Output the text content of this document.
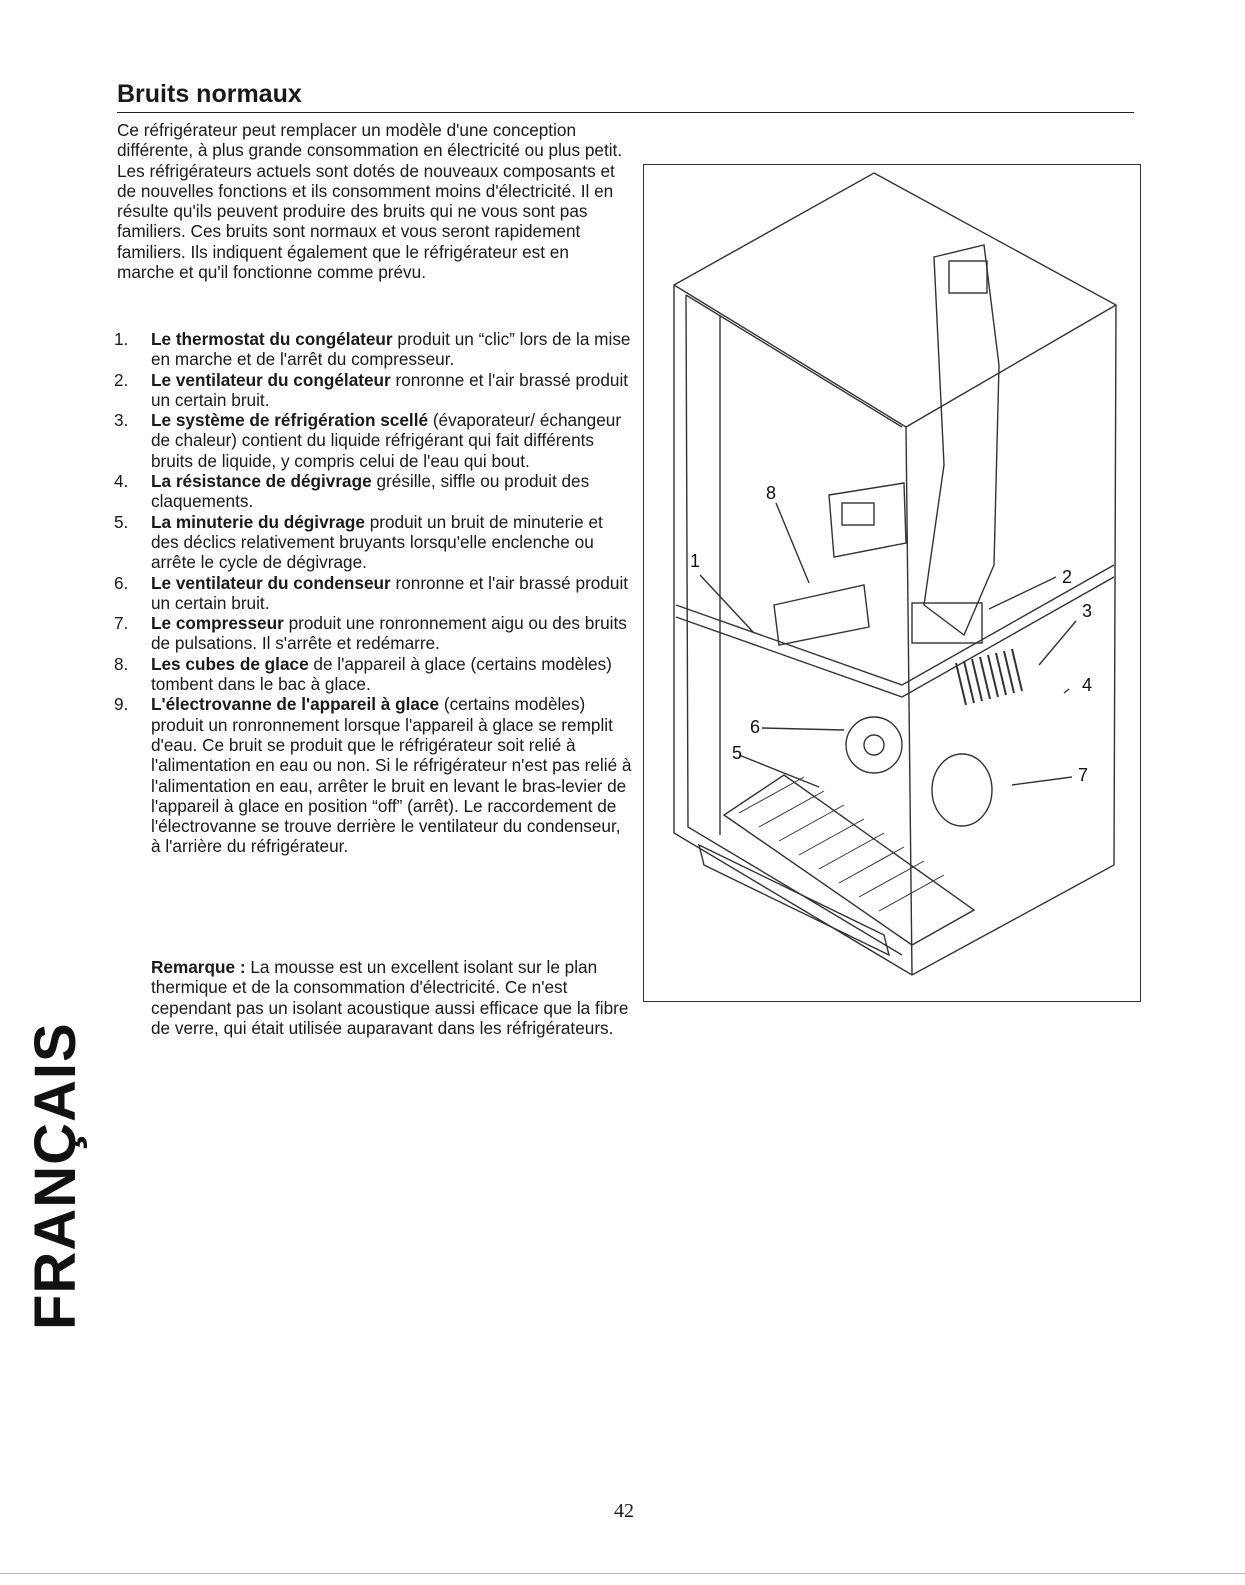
Bruits normaux

Ce réfrigérateur peut remplacer un modèle d'une conception différente, à plus grande consommation en électricité ou plus petit. Les réfrigérateurs actuels sont dotés de nouveaux composants et de nouvelles fonctions et ils consomment moins d'électricité. Il en résulte qu'ils peuvent produire des bruits qui ne vous sont pas familiers. Ces bruits sont normaux et vous seront rapidement familiers. Ils indiquent également que le réfrigérateur est en marche et qu'il fonctionne comme prévu.

1. Le thermostat du congélateur produit un “clic” lors de la mise en marche et de l'arrêt du compresseur.
2. Le ventilateur du congélateur ronronne et l'air brassé produit un certain bruit.
3. Le système de réfrigération scellé (évaporateur/ échangeur de chaleur) contient du liquide réfrigérant qui fait différents bruits de liquide, y compris celui de l'eau qui bout.
4. La résistance de dégivrage grésille, siffle ou produit des claquements.
5. La minuterie du dégivrage produit un bruit de minuterie et des déclics relativement bruyants lorsqu'elle enclenche ou arrête le cycle de dégivrage.
6. Le ventilateur du condenseur ronronne et l'air brassé produit un certain bruit.
7. Le compresseur produit une ronronnement aigu ou des bruits de pulsations. Il s'arrête et redémarre.
8. Les cubes de glace de l'appareil à glace (certains modèles) tombent dans le bac à glace.
9. L'électrovanne de l'appareil à glace (certains modèles) produit un ronronnement lorsque l'appareil à glace se remplit d'eau. Ce bruit se produit que le réfrigérateur soit relié à l'alimentation en eau ou non. Si le réfrigérateur n'est pas relié à l'alimentation en eau, arrêter le bruit en levant le bras-levier de l'appareil à glace en position “off” (arrêt). Le raccordement de l'électrovanne se trouve derrière le ventilateur du condenseur, à l'arrière du réfrigérateur.

Remarque : La mousse est un excellent isolant sur le plan thermique et de la consommation d'électricité. Ce n'est cependant pas un isolant acoustique aussi efficace que la fibre de verre, qui était utilisée auparavant dans les réfrigérateurs.

1
2
3
4
5
6
7
8
FRANÇAIS
42
